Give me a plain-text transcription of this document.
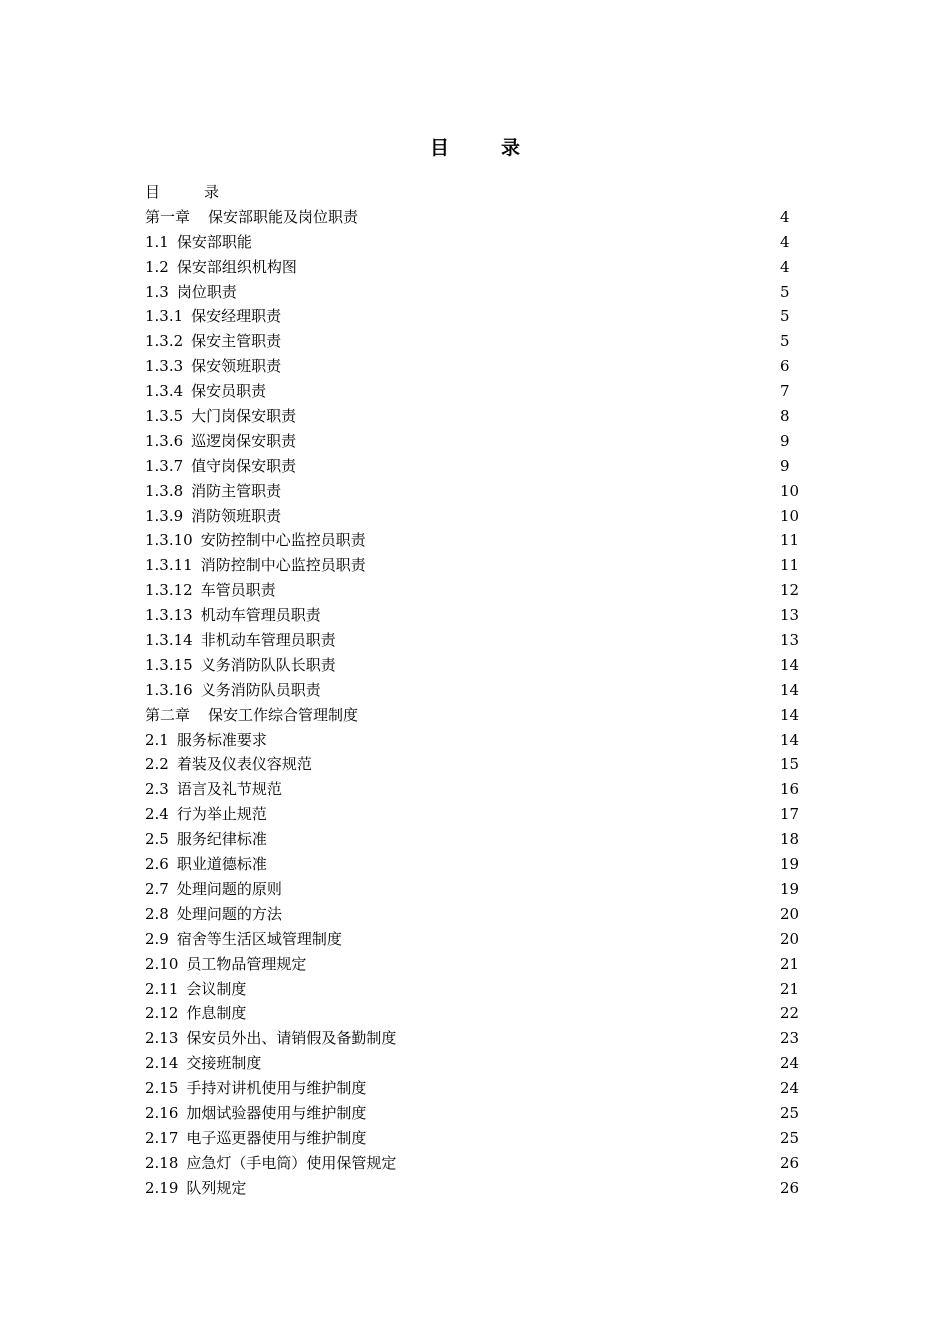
目	录
目	录
第一章 保安部职能及岗位职责	4
1.1 保安部职能	4
1.2 保安部组织机构图	4
1.3 岗位职责	5
1.3.1 保安经理职责	5
1.3.2 保安主管职责	5
1.3.3 保安领班职责	6
1.3.4 保安员职责	7
1.3.5 大门岗保安职责	8
1.3.6 巡逻岗保安职责	9
1.3.7 值守岗保安职责	9
1.3.8 消防主管职责	10
1.3.9 消防领班职责	10
1.3.10 安防控制中心监控员职责	11
1.3.11 消防控制中心监控员职责	11
1.3.12 车管员职责	12
1.3.13 机动车管理员职责	13
1.3.14 非机动车管理员职责	13
1.3.15 义务消防队队长职责	14
1.3.16 义务消防队员职责	14
第二章 保安工作综合管理制度	14
2.1 服务标准要求	14
2.2 着装及仪表仪容规范	15
2.3 语言及礼节规范	16
2.4 行为举止规范	17
2.5 服务纪律标准	18
2.6 职业道德标准	19
2.7 处理问题的原则	19
2.8 处理问题的方法	20
2.9 宿舍等生活区域管理制度	20
2.10 员工物品管理规定	21
2.11 会议制度	21
2.12 作息制度	22
2.13 保安员外出、请销假及备勤制度	23
2.14 交接班制度	24
2.15 手持对讲机使用与维护制度	24
2.16 加烟试验器使用与维护制度	25
2.17 电子巡更器使用与维护制度	25
2.18 应急灯（手电筒）使用保管规定	26
2.19 队列规定	26
